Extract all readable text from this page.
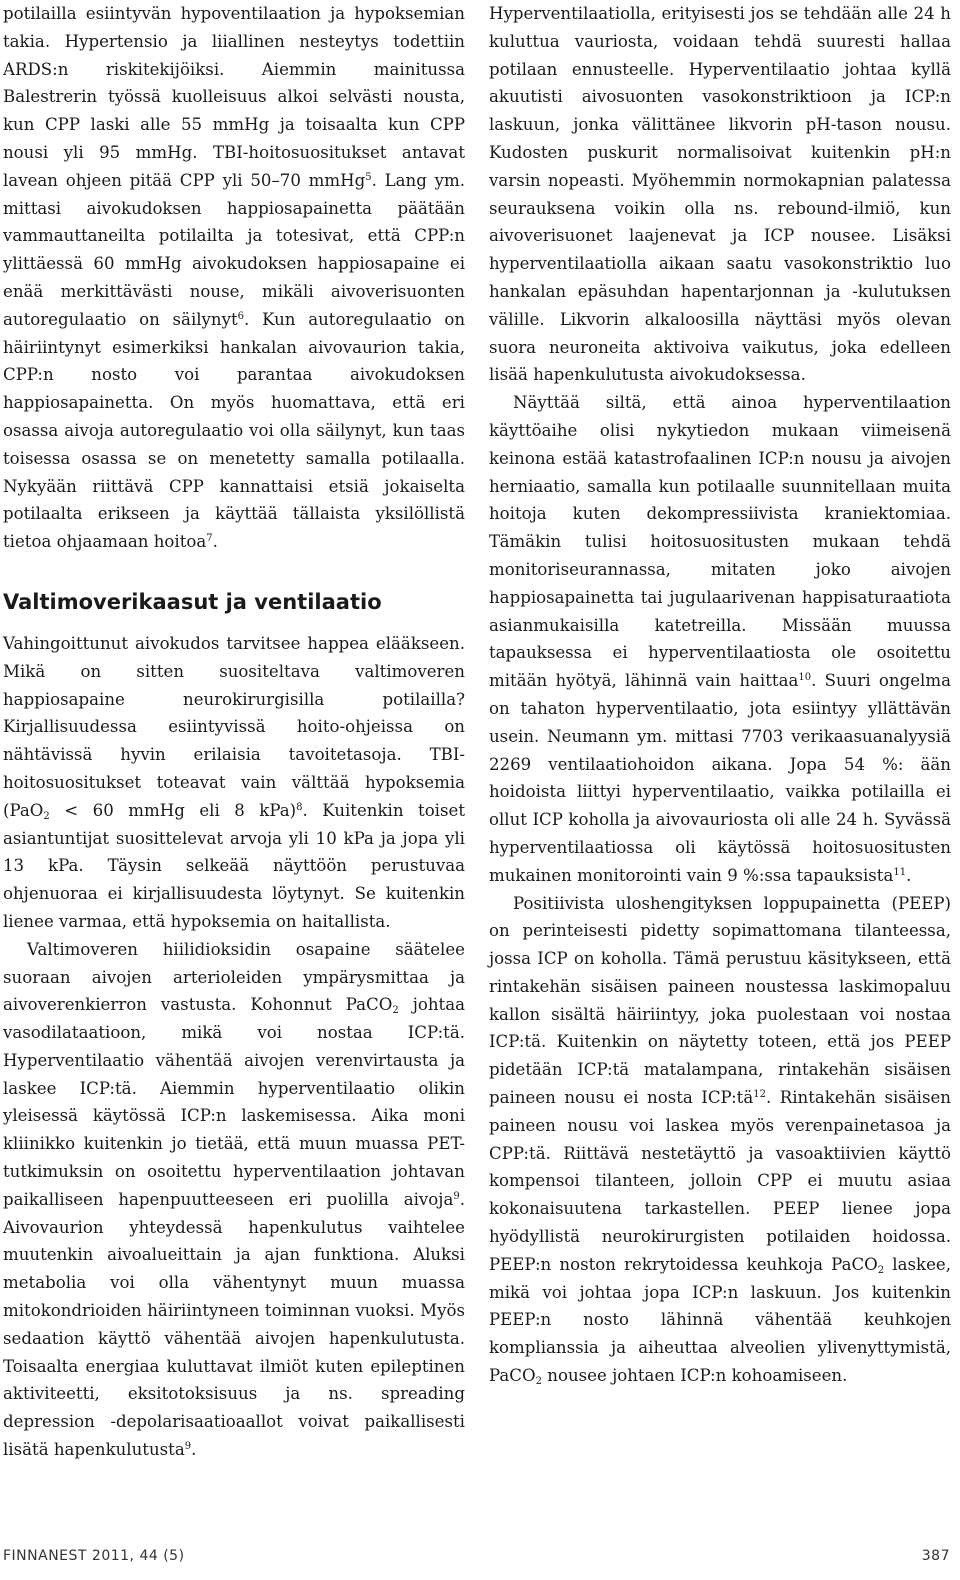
potilailla esiintyvän hypoventilaation ja hypoksemian takia. Hypertensio ja liiallinen nesteytys todettiin ARDS:n riskitekijöiksi. Aiemmin mainitussa Balestrerin työssä kuolleisuus alkoi selvästi nousta, kun CPP laski alle 55 mmHg ja toisaalta kun CPP nousi yli 95 mmHg. TBI-hoitosuositukset antavat lavean ohjeen pitää CPP yli 50–70 mmHg$^5$. Lang ym. mittasi aivokudoksen happiosapainetta päätään vammauttaneilta potilailta ja totesivat, että CPP:n ylittäessä 60 mmHg aivokudoksen happiosapaine ei enää merkittävästi nouse, mikäli aivoverisuonten autoregulaatio on säilynyt$^6$. Kun autoregulaatio on häiriintynyt esimerkiksi hankalan aivovaurion takia, CPP:n nosto voi parantaa aivokudoksen happiosapainetta. On myös huomattava, että eri osassa aivoja autoregulaatio voi olla säilynyt, kun taas toisessa osassa se on menetetty samalla potilaalla. Nykyään riittävä CPP kannattaisi etsiä jokaiselta potilaalta erikseen ja käyttää tällaista yksilöllistä tietoa ohjaamaan hoitoa$^7$.

Valtimoverikaasut ja ventilaatio

Vahingoittunut aivokudos tarvitsee happea elääkseen. Mikä on sitten suositeltava valtimoveren happiosapaine neurokirurgisilla potilailla? Kirjallisuudessa esiintyvissä hoito-ohjeissa on nähtävissä hyvin erilaisia tavoitetasoja. TBI-hoitosuositukset toteavat vain välttää hypoksemia (PaO$_2$ < 60 mmHg eli 8 kPa)$^8$. Kuitenkin toiset asiantuntijat suosittelevat arvoja yli 10 kPa ja jopa yli 13 kPa. Täysin selkeää näyttöön perustuvaa ohjenuoraa ei kirjallisuudesta löytynyt. Se kuitenkin lienee varmaa, että hypoksemia on haitallista.

Valtimoveren hiilidioksidin osapaine säätelee suoraan aivojen arterioleiden ympärysmittaa ja aivoverenkierron vastusta. Kohonnut PaCO$_2$ johtaa vasodilataatioon, mikä voi nostaa ICP:tä. Hyperventilaatio vähentää aivojen verenvirtausta ja laskee ICP:tä. Aiemmin hyperventilaatio olikin yleisessä käytössä ICP:n laskemisessa. Aika moni kliinikko kuitenkin jo tietää, että muun muassa PET-tutkimuksin on osoitettu hyperventilaation johtavan paikalliseen hapenpuutteeseen eri puolilla aivoja$^9$. Aivovaurion yhteydessä hapenkulutus vaihtelee muutenkin aivoalueittain ja ajan funktiona. Aluksi metabolia voi olla vähentynyt muun muassa mitokondrioiden häiriintyneen toiminnan vuoksi. Myös sedaation käyttö vähentää aivojen hapenkulutusta. Toisaalta energiaa kuluttavat ilmiöt kuten epileptinen aktiviteetti, eksitotoksisuus ja ns. spreading depression -depolarisaatioaallot voivat paikallisesti lisätä hapenkulutusta$^9$.

Hyperventilaatiolla, erityisesti jos se tehdään alle 24 h kuluttua vauriosta, voidaan tehdä suuresti hallaa potilaan ennusteelle. Hyperventilaatio johtaa kyllä akuutisti aivosuonten vasokonstriktioon ja ICP:n laskuun, jonka välittänee likvorin pH-tason nousu. Kudosten puskurit normalisoivat kuitenkin pH:n varsin nopeasti. Myöhemmin normokapnian palatessa seurauksena voikin olla ns. rebound-ilmiö, kun aivoverisuonet laajenevat ja ICP nousee. Lisäksi hyperventilaatiolla aikaan saatu vasokonstriktio luo hankalan epäsuhdan hapentarjonnan ja -kulutuksen välille. Likvorin alkaloosilla näyttäsi myös olevan suora neuroneita aktivoiva vaikutus, joka edelleen lisää hapenkulutusta aivokudoksessa.

Näyttää siltä, että ainoa hyperventilaation käyttöaihe olisi nykytiedon mukaan viimeisenä keinona estää katastrofaalinen ICP:n nousu ja aivojen herniaatio, samalla kun potilaalle suunnitellaan muita hoitoja kuten dekompressiivista kraniektomiaa. Tämäkin tulisi hoitosuositusten mukaan tehdä monitoriseurannassa, mitaten joko aivojen happiosapainetta tai jugulaarivenan happisaturaatiota asianmukaisilla katetreilla. Missään muussa tapauksessa ei hyperventilaatiosta ole osoitettu mitään hyötyä, lähinnä vain haittaa$^{10}$. Suuri ongelma on tahaton hyperventilaatio, jota esiintyy yllättävän usein. Neumann ym. mittasi 7703 verikaasuanalyysiä 2269 ventilaatiohoidon aikana. Jopa 54 %: ään hoidoista liittyi hyperventilaatio, vaikka potilailla ei ollut ICP koholla ja aivovauriosta oli alle 24 h. Syvässä hyperventilaatiossa oli käytössä hoitosuositusten mukainen monitorointi vain 9 %:ssa tapauksista$^{11}$.

Positiivista uloshengityksen loppupainetta (PEEP) on perinteisesti pidetty sopimattomana tilanteessa, jossa ICP on koholla. Tämä perustuu käsitykseen, että rintakehän sisäisen paineen noustessa laskimopaluu kallon sisältä häiriintyy, joka puolestaan voi nostaa ICP:tä. Kuitenkin on näytetty toteen, että jos PEEP pidetään ICP:tä matalampana, rintakehän sisäisen paineen nousu ei nosta $ICP:tä^{12}$. Rintakehän sisäisen paineen nousu voi laskea myös verenpainetasoa ja CPP:tä. Riittävä nestetäyttö ja vasoaktiivien käyttö kompensoi tilanteen, jolloin CPP ei muutu asiaa kokonaisuutena tarkastellen. PEEP lienee jopa hyödyllistä neurokirurgisten potilaiden hoidossa. PEEP:n noston rekrytoidessa keuhkoja PaCO$_2$ laskee, mikä voi johtaa jopa ICP:n laskuun. Jos kuitenkin PEEP:n nosto lähinnä vähentää keuhkojen komplianssia ja aiheuttaa alveolien ylivenyttymistä, PaCO$_2$ nousee johtaen ICP:n kohoamiseen.

FINNANEST 2011, 44 (5)	387
